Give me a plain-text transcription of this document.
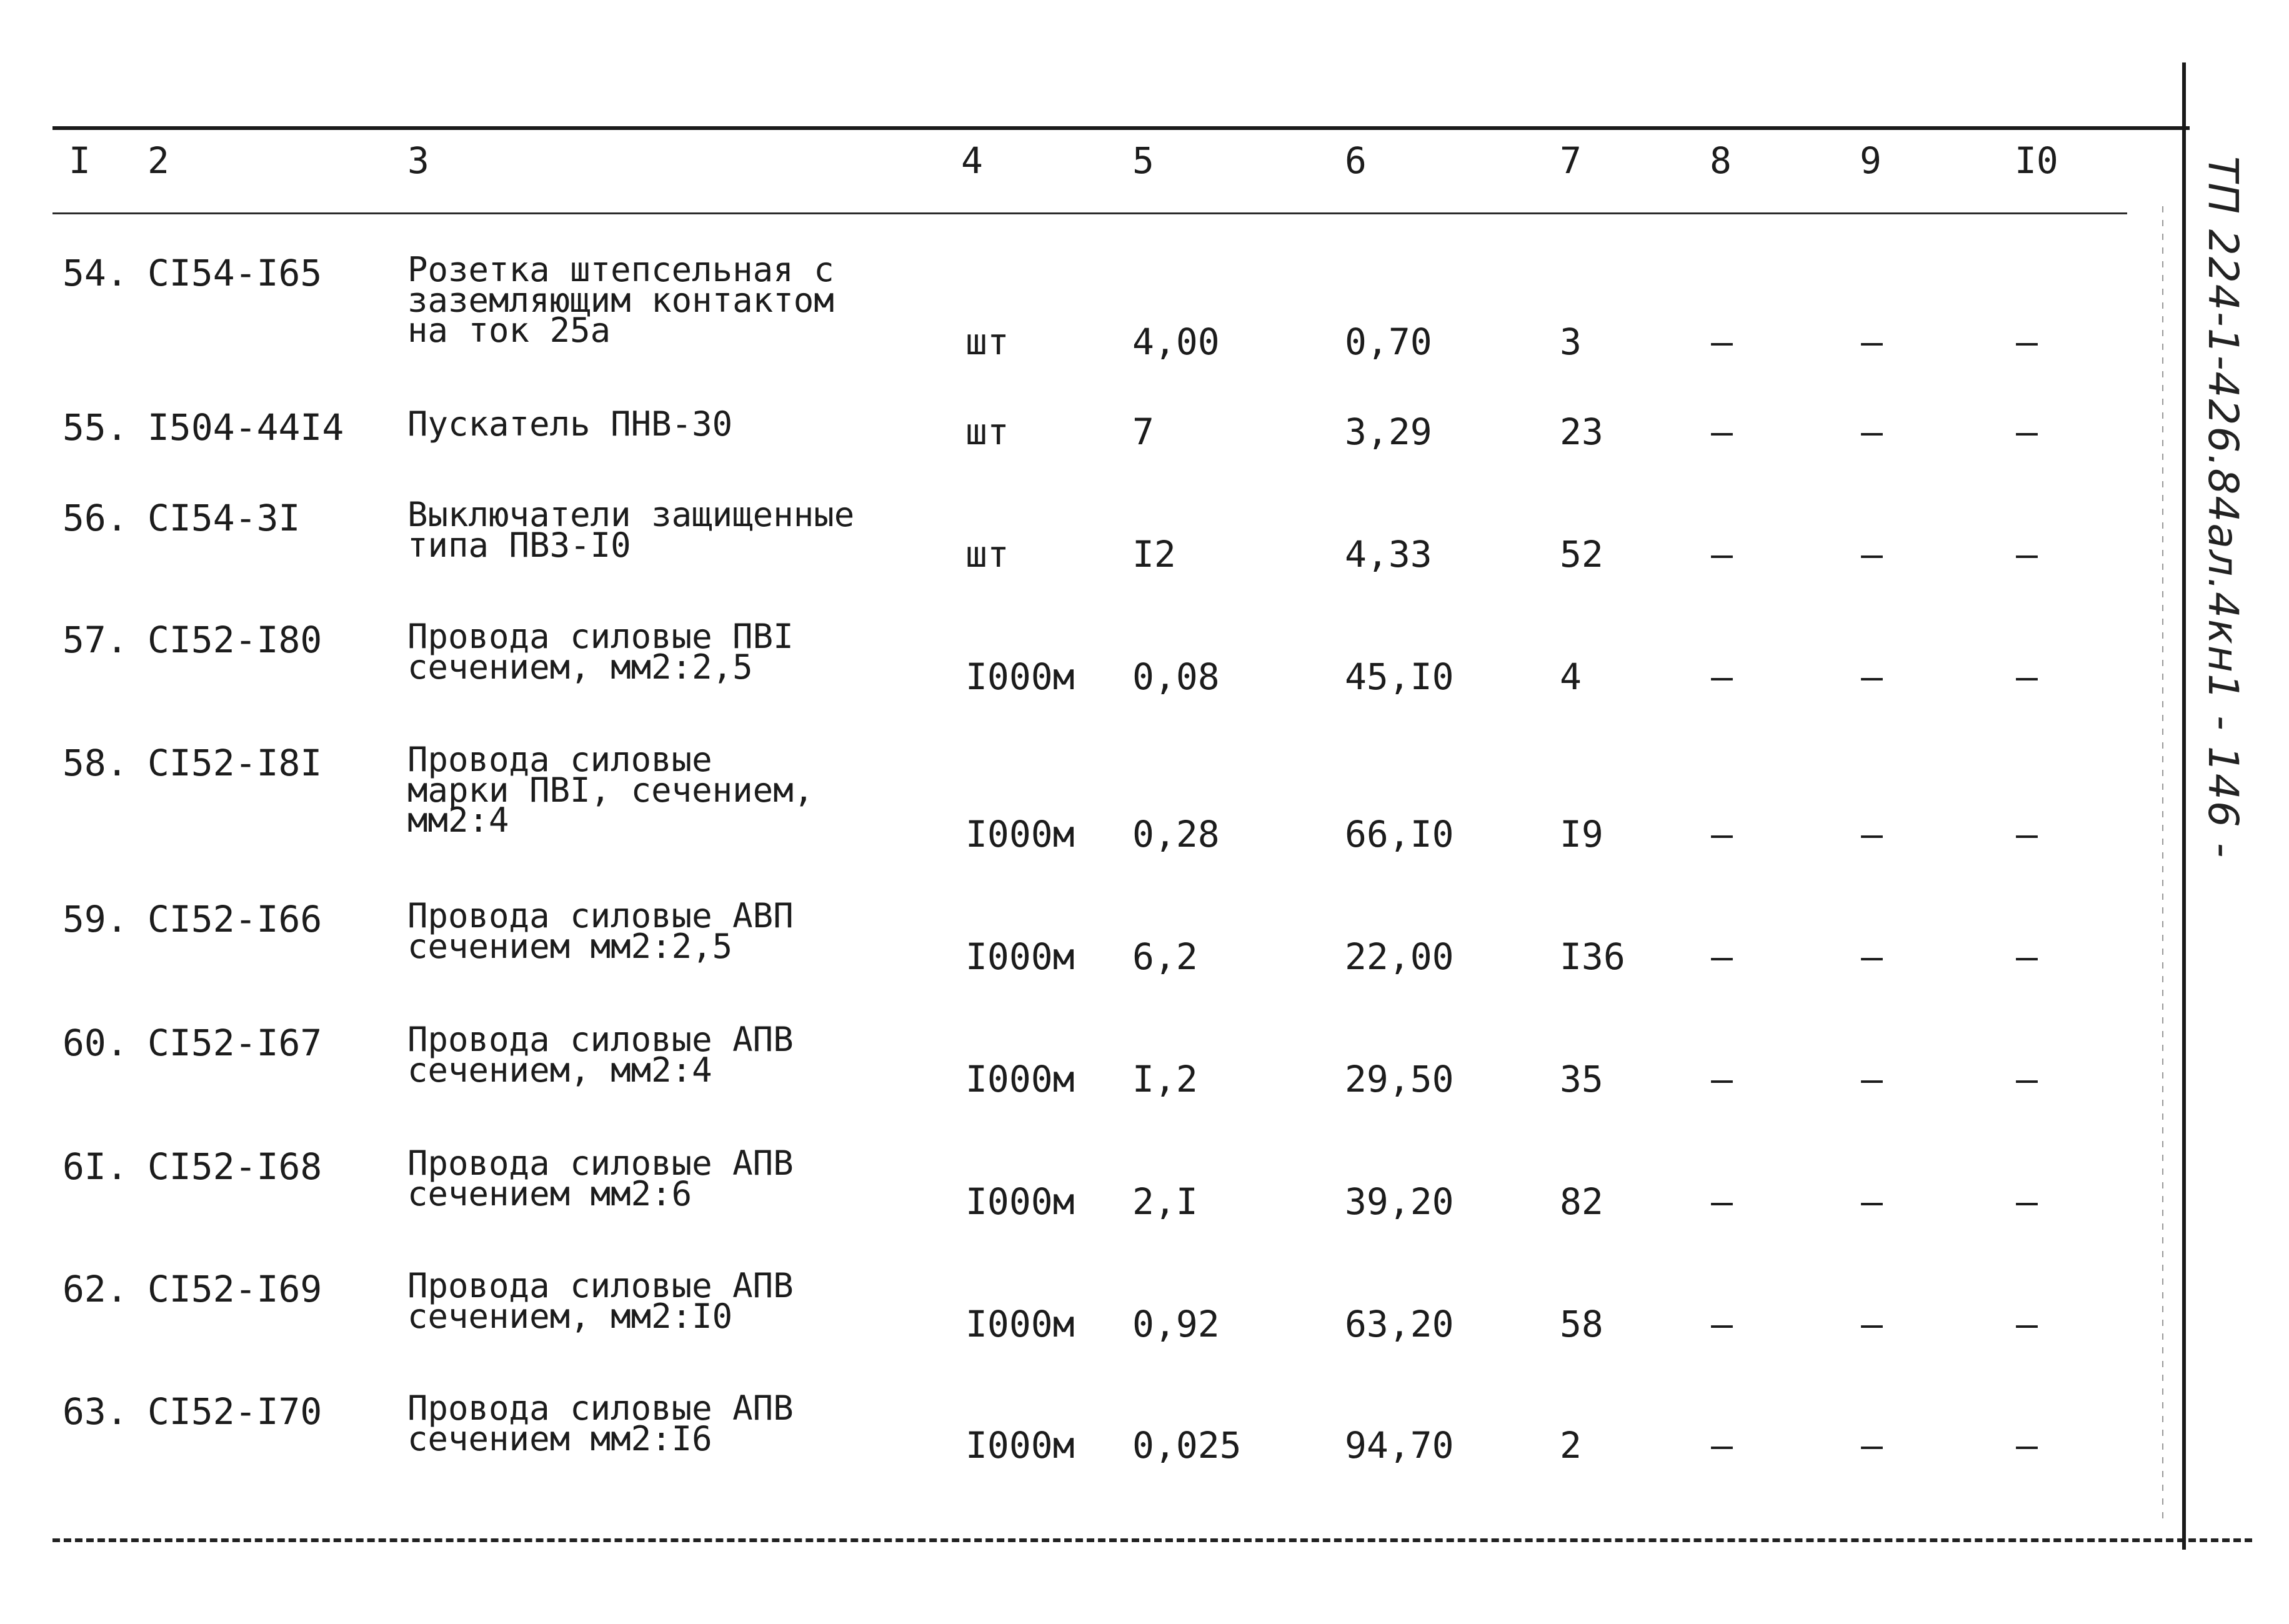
ТП 224-1-426.84ал.4кн1 - 146 -
I 2	3	4	5	6	7	8	9	I0
54. CI54-I65	Розетка штепсельная с
заземляющим контактом
на ток 25а	шт	4,00	0,70	3	–	–	–
55. I504-44I4 Пускатель ПНВ-30	шт	7	3,29	23	–	–	–
56. CI54-3I	Выключатели защищенные
типа ПВЗ-I0	шт	I2	4,33	52	–	–	–
57. CI52-I80	Провода силовые ПВI
сечением, мм2:2,5	I000м 0,08	45,I0	4	–	–	–
58. CI52-I8I	Провода силовые
марки ПВI, сечением,
мм2:4	I000м 0,28	66,I0	I9	–	–	–
59. CI52-I66	Провода силовые АВП
сечением мм2:2,5	I000м 6,2	22,00	I36 –	–	–
60. CI52-I67	Провода силовые АПВ
сечением, мм2:4	I000м I,2	29,50	35	–	–	–
6I. CI52-I68	Провода силовые АПВ
сечением мм2:6	I000м 2,I	39,20	82	–	–	–
62. CI52-I69	Провода силовые АПВ
сечением, мм2:I0	I000м 0,92	63,20	58	–	–	–
63. CI52-I70	Провода силовые АПВ
сечением мм2:I6	I000м 0,025	94,70	2	–	–	–
